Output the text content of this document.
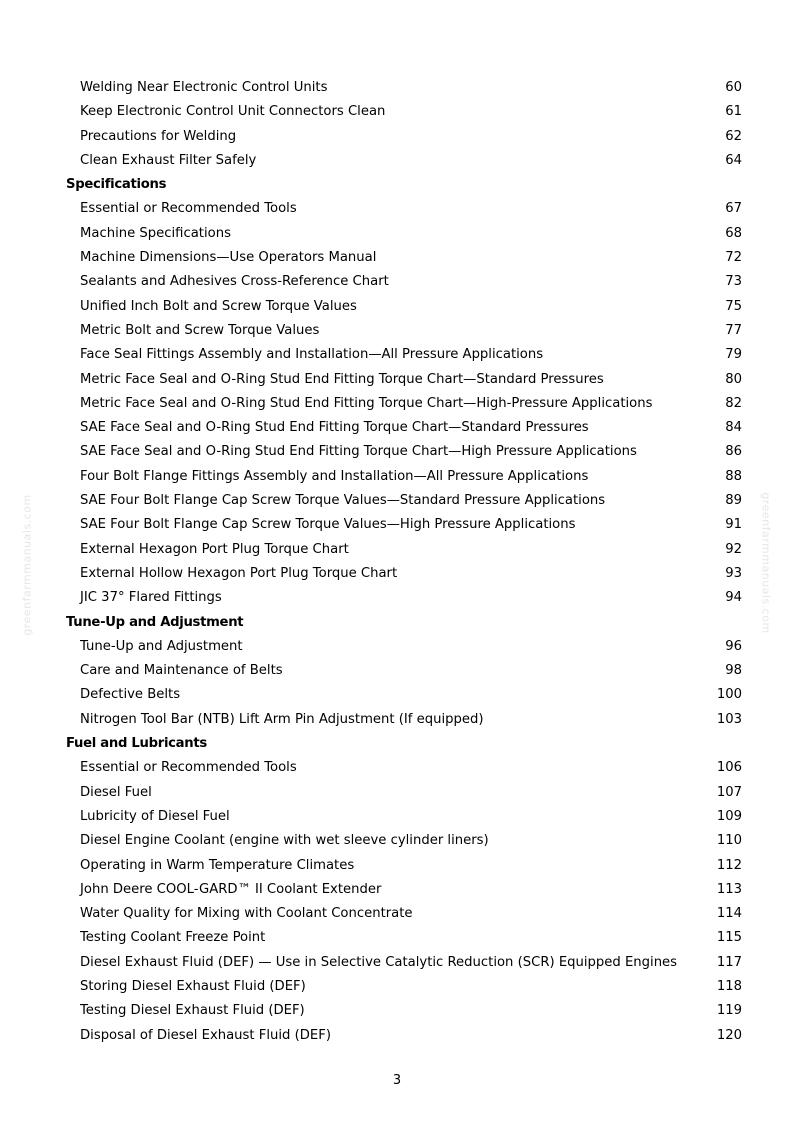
Welding Near Electronic Control Units	60
Keep Electronic Control Unit Connectors Clean	61
Precautions for Welding	62
Clean Exhaust Filter Safely	64
Specifications
Essential or Recommended Tools	67
Machine Specifications	68
Machine Dimensions—Use Operators Manual	72
Sealants and Adhesives Cross-Reference Chart	73
Unified Inch Bolt and Screw Torque Values	75
Metric Bolt and Screw Torque Values	77
Face Seal Fittings Assembly and Installation—All Pressure Applications	79
Metric Face Seal and O-Ring Stud End Fitting Torque Chart—Standard Pressures	80
Metric Face Seal and O-Ring Stud End Fitting Torque Chart—High-Pressure Applications	82
SAE Face Seal and O-Ring Stud End Fitting Torque Chart—Standard Pressures	84
SAE Face Seal and O-Ring Stud End Fitting Torque Chart—High Pressure Applications	86
Four Bolt Flange Fittings Assembly and Installation—All Pressure Applications	88
SAE Four Bolt Flange Cap Screw Torque Values—Standard Pressure Applications	89
SAE Four Bolt Flange Cap Screw Torque Values—High Pressure Applications	91
External Hexagon Port Plug Torque Chart	92
External Hollow Hexagon Port Plug Torque Chart	93
JIC 37° Flared Fittings	94
Tune-Up and Adjustment
Tune-Up and Adjustment	96
Care and Maintenance of Belts	98
Defective Belts	100
Nitrogen Tool Bar (NTB) Lift Arm Pin Adjustment (If equipped)	103
Fuel and Lubricants
Essential or Recommended Tools	106
Diesel Fuel	107
Lubricity of Diesel Fuel	109
Diesel Engine Coolant (engine with wet sleeve cylinder liners)	110
Operating in Warm Temperature Climates	112
John Deere COOL-GARD™ II Coolant Extender	113
Water Quality for Mixing with Coolant Concentrate	114
Testing Coolant Freeze Point	115
Diesel Exhaust Fluid (DEF) — Use in Selective Catalytic Reduction (SCR) Equipped Engines	117
Storing Diesel Exhaust Fluid (DEF)	118
Testing Diesel Exhaust Fluid (DEF)	119
Disposal of Diesel Exhaust Fluid (DEF)	120
greenfarmmanuals.com	greenfarmmanuals.com
3
